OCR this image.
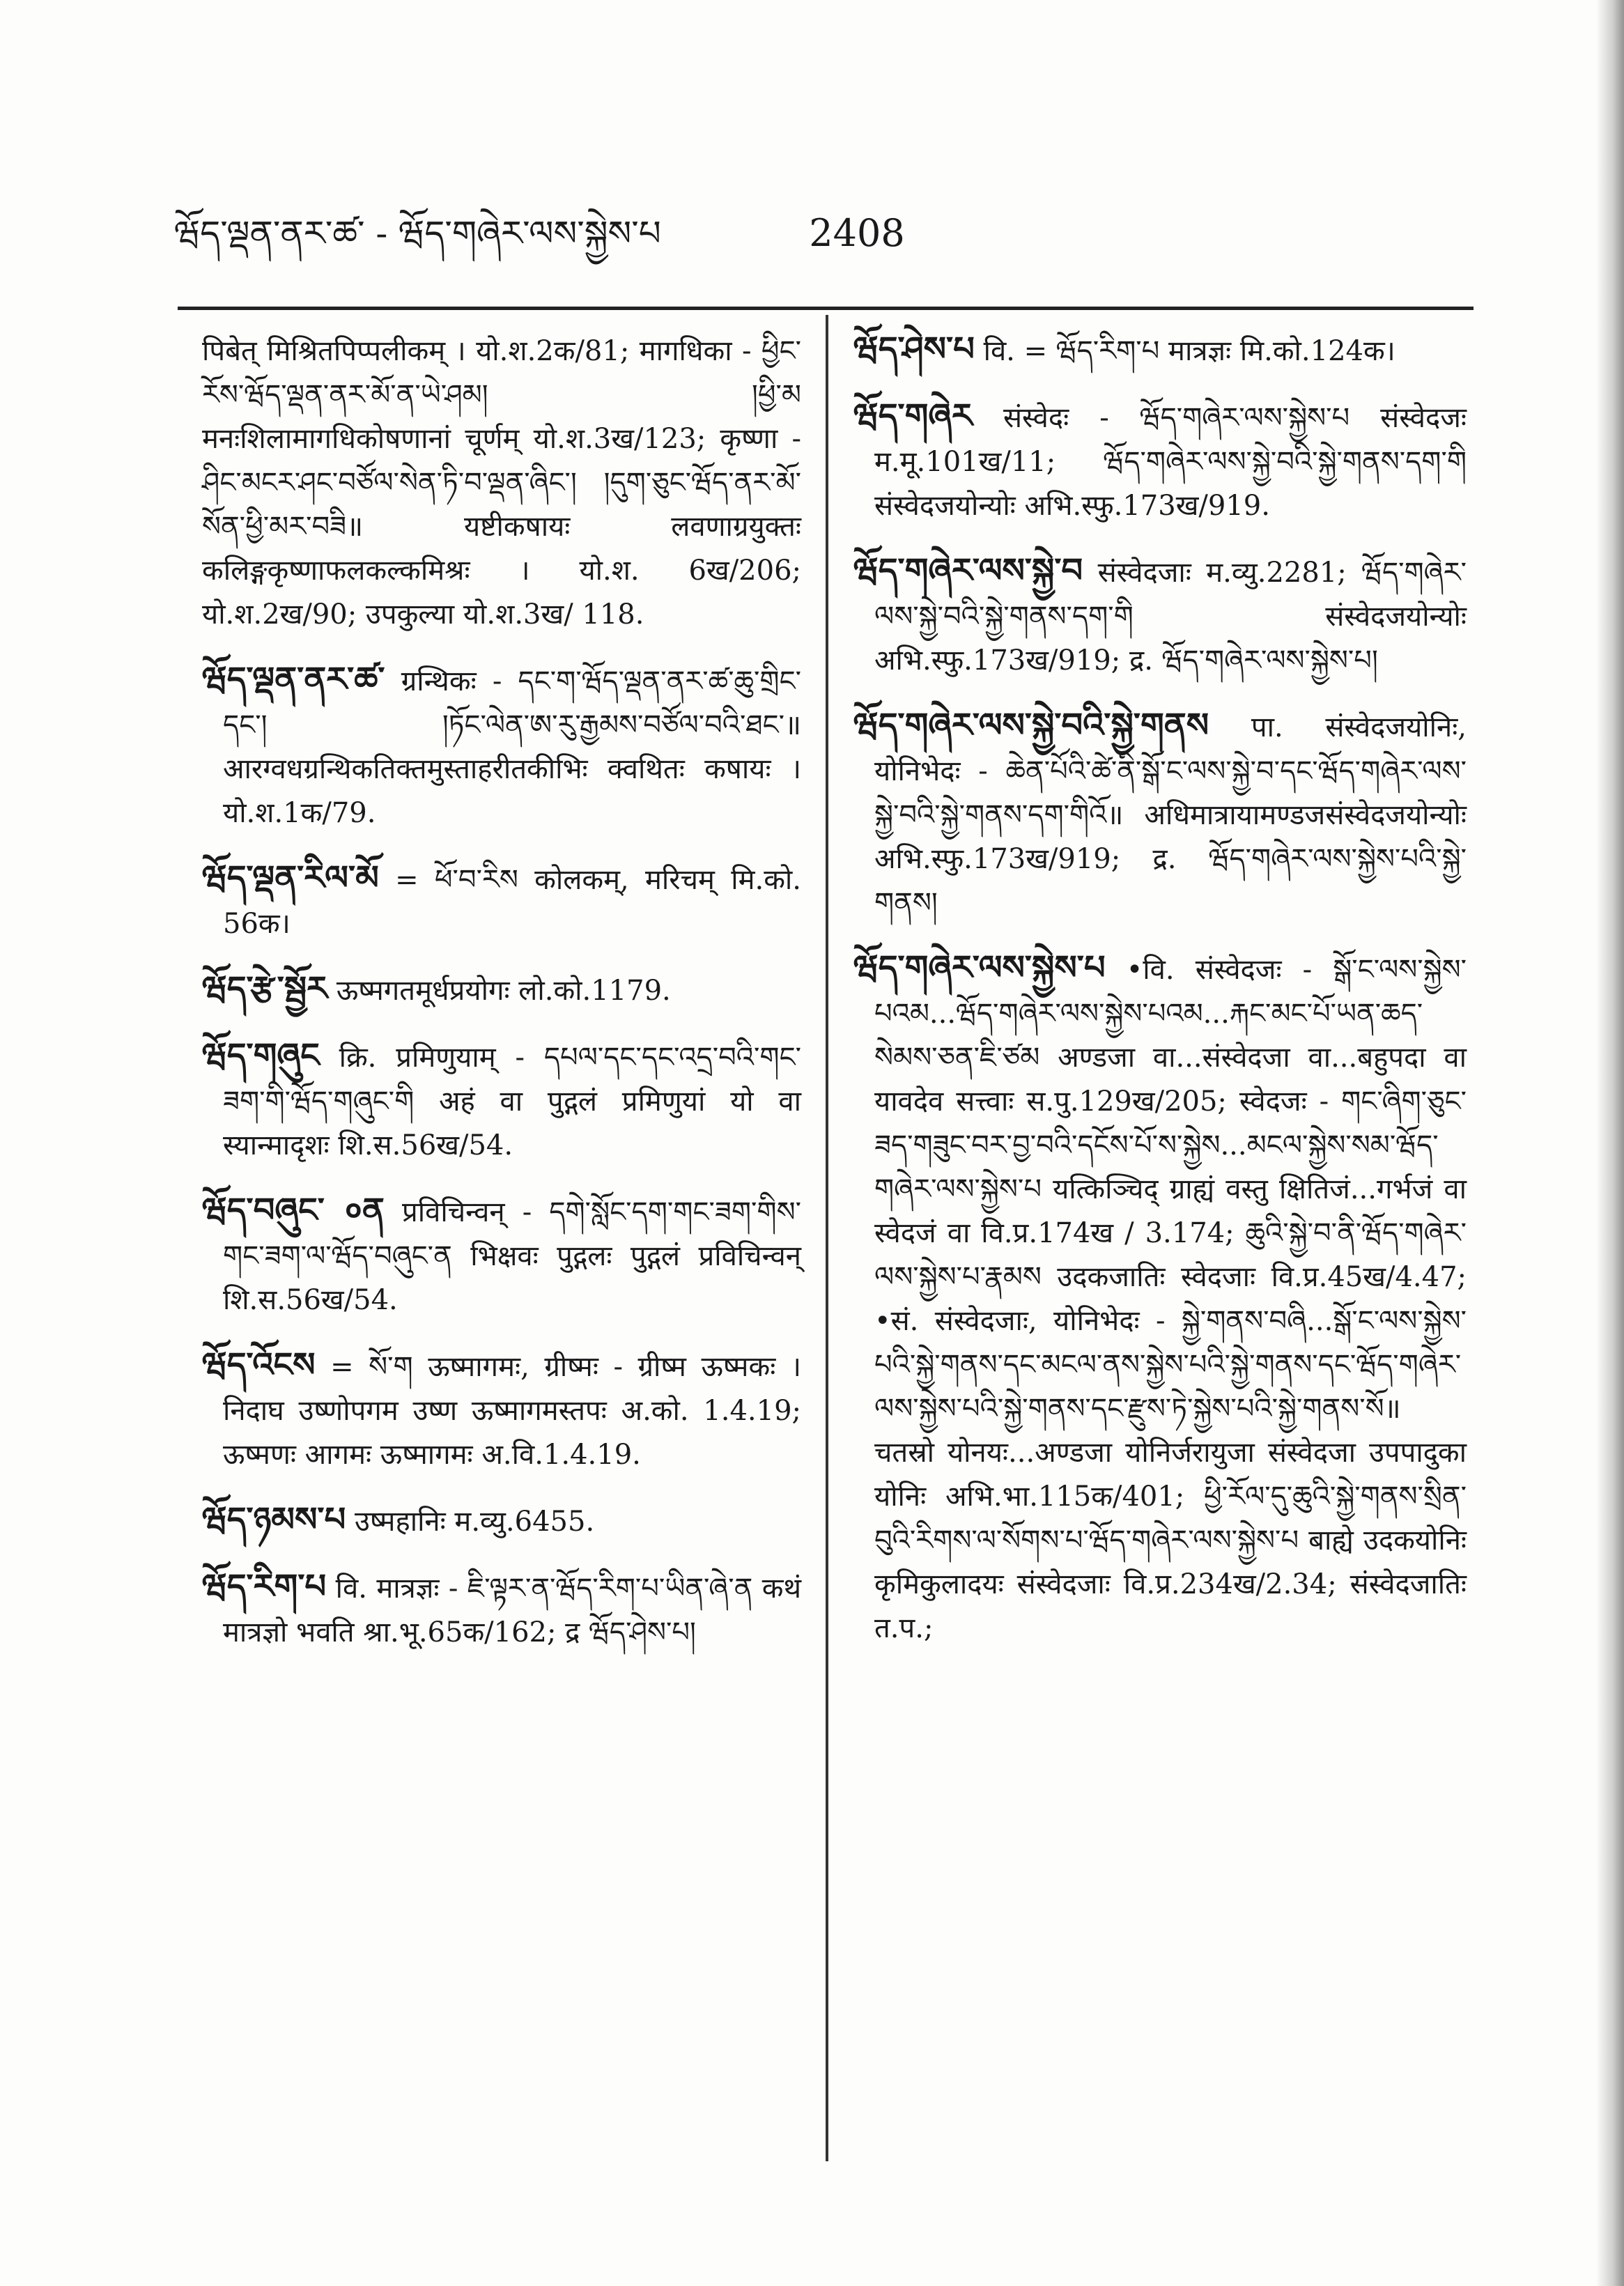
ཝོད་ལྡན་ནར་ཚ་ - ཝོད་གཞེར་ལས་སྐྱེས་པ	2408

पिबेत् मिश्रितपिप्पलीकम् । यो.श.2क/81; मागधिका - ཕྱིང་རོས་ཝོད་ལྡན་ནར་མོ་ན་ཡེ་ཤམ། །ཕྱི་མ मनःशिलामागधिकोषणानां चूर्णम् यो.श.3ख/123; कृष्णा - ཤིང་མངར་ཤང་བཙོལ་སེན་ཏི་བ་ལྡན་ཞིང་། །དུག་ཅུང་ཝོད་ནར་མོ་སོན་ཕྱི་མར་བཟི॥ यष्टीकषायः लवणाग्रयुक्तः कलिङ्गकृष्णाफलकल्कमिश्रः । यो.श. 6ख/206; यो.श.2ख/90; उपकुल्या यो.श.3ख/ 118.

ཝོད་ལྡན་ནར་ཚ་ ग्रन्थिकः - དང་ག་ཝོད་ལྡན་ནར་ཚ་ཆུ་གྲིང་དང་། །ཏོང་ལེན་ཨ་རུ་རྒྱམས་བཙོལ་བའི་ཐང་॥ आरग्वधग्रन्थिकतिक्तमुस्ताहरीतकीभिः क्वथितः कषायः । यो.श.1क/79.

ཝོད་ལྡན་རིལ་མོ = ཕོ་བ་རིས कोलकम्, मरिचम् मि.को. 56क।

ཝོད་རྩེ་སྦྱོར ऊष्मगतमूर्धप्रयोगः लो.को.1179.

ཝོད་གཞུང क्रि. प्रमिणुयाम् - དཔལ་དང་དང་འདྲ་བའི་གང་ཟག་གི་ཝོད་གཞུང་གི अहं वा पुद्गलं प्रमिणुयां यो वा स्यान्मादृशः शि.स.56ख/54.

ཝོད་བཞུང་ ०ན प्रविचिन्वन् - དགེ་སློང་དག་གང་ཟག་གིས་གང་ཟག་ལ་ཝོད་བཞུང་ན भिक्षवः पुद्गलः पुद्गलं प्रविचिन्वन् शि.स.56ख/54.

ཝོད་འོངས = སོ་ག ऊष्मागमः, ग्रीष्मः - ग्रीष्म ऊष्मकः । निदाघ उष्णोपगम उष्ण ऊष्मागमस्तपः अ.को. 1.4.19; ऊष्मणः आगमः ऊष्मागमः अ.वि.1.4.19.

ཝོད་ཉམས་པ उष्महानिः म.व्यु.6455.

ཝོད་རིག་པ वि. मात्रज्ञः - ཇི་ལྟར་ན་ཝོད་རིག་པ་ཡིན་ཞེ་ན कथं मात्रज्ञो भवति श्रा.भू.65क/162; द्र ཝོད་ཤེས་པ།

ཝོད་ཤེས་པ वि. = ཝོད་རིག་པ मात्रज्ञः मि.को.124क।

ཝོད་གཞེར संस्वेदः - ཝོད་གཞེར་ལས་སྐྱེས་པ संस्वेदजः म.मू.101ख/11; ཝོད་གཞེར་ལས་སྐྱེ་བའི་སྐྱེ་གནས་དག་གི संस्वेदजयोन्योः अभि.स्फु.173ख/919.

ཝོད་གཞེར་ལས་སྐྱེ་བ संस्वेदजाः म.व्यु.2281; ཝོད་གཞེར་ལས་སྐྱེ་བའི་སྐྱེ་གནས་དག་གི संस्वेदजयोन्योः अभि.स्फु.173ख/919; द्र. ཝོད་གཞེར་ལས་སྐྱེས་པ།

ཝོད་གཞེར་ལས་སྐྱེ་བའི་སྐྱེ་གནས पा. संस्वेदजयोनिः, योनिभेदः - ཆེན་པོའི་ཚེ་ནི་སྒོ་ང་ལས་སྐྱེ་བ་དང་ཝོད་གཞེར་ལས་སྐྱེ་བའི་སྐྱེ་གནས་དག་གིའོ॥ अधिमात्रायामण्डजसंस्वेदजयोन्योः अभि.स्फु.173ख/919; द्र. ཝོད་གཞེར་ལས་སྐྱེས་པའི་སྐྱེ་གནས།

ཝོད་གཞེར་ལས་སྐྱེས་པ •वि. संस्वेदजः - སྒོ་ང་ལས་སྐྱེས་པའམ...ཝོད་གཞེར་ལས་སྐྱེས་པའམ...རྐང་མང་པོ་ཡན་ཆད་སེམས་ཅན་ཇི་ཙམ अण्डजा वा...संस्वेदजा वा...बहुपदा वा यावदेव सत्त्वाः स.पु.129ख/205; स्वेदजः - གང་ཞིག་ཅུང་ཟད་གཟུང་བར་བྱ་བའི་དངོས་པོ་ས་སྐྱེས...མངལ་སྐྱེས་སམ་ཝོད་གཞེར་ལས་སྐྱེས་པ यत्किञ्चिद् ग्राह्यं वस्तु क्षितिजं...गर्भजं वा स्वेदजं वा वि.प्र.174ख / 3.174; ཆུའི་སྐྱེ་བ་ནི་ཝོད་གཞེར་ལས་སྐྱེས་པ་རྣམས उदकजातिः स्वेदजाः वि.प्र.45ख/4.47; •सं. संस्वेदजाः, योनिभेदः - སྐྱེ་གནས་བཞི...སྒོ་ང་ལས་སྐྱེས་པའི་སྐྱེ་གནས་དང་མངལ་ནས་སྐྱེས་པའི་སྐྱེ་གནས་དང་ཝོད་གཞེར་ལས་སྐྱེས་པའི་སྐྱེ་གནས་དང་རྫུས་ཏེ་སྐྱེས་པའི་སྐྱེ་གནས་སོ॥ चतस्रो योनयः...अण्डजा योनिर्जरायुजा संस्वेदजा उपपादुका योनिः अभि.भा.115क/401; ཕྱི་རོལ་དུ་ཆུའི་སྐྱེ་གནས་སྲིན་བུའི་རིགས་ལ་སོགས་པ་ཝོད་གཞེར་ལས་སྐྱེས་པ बाह्ये उदकयोनिः कृमिकुलादयः संस्वेदजाः वि.प्र.234ख/2.34; संस्वेदजातिः त.प.;
